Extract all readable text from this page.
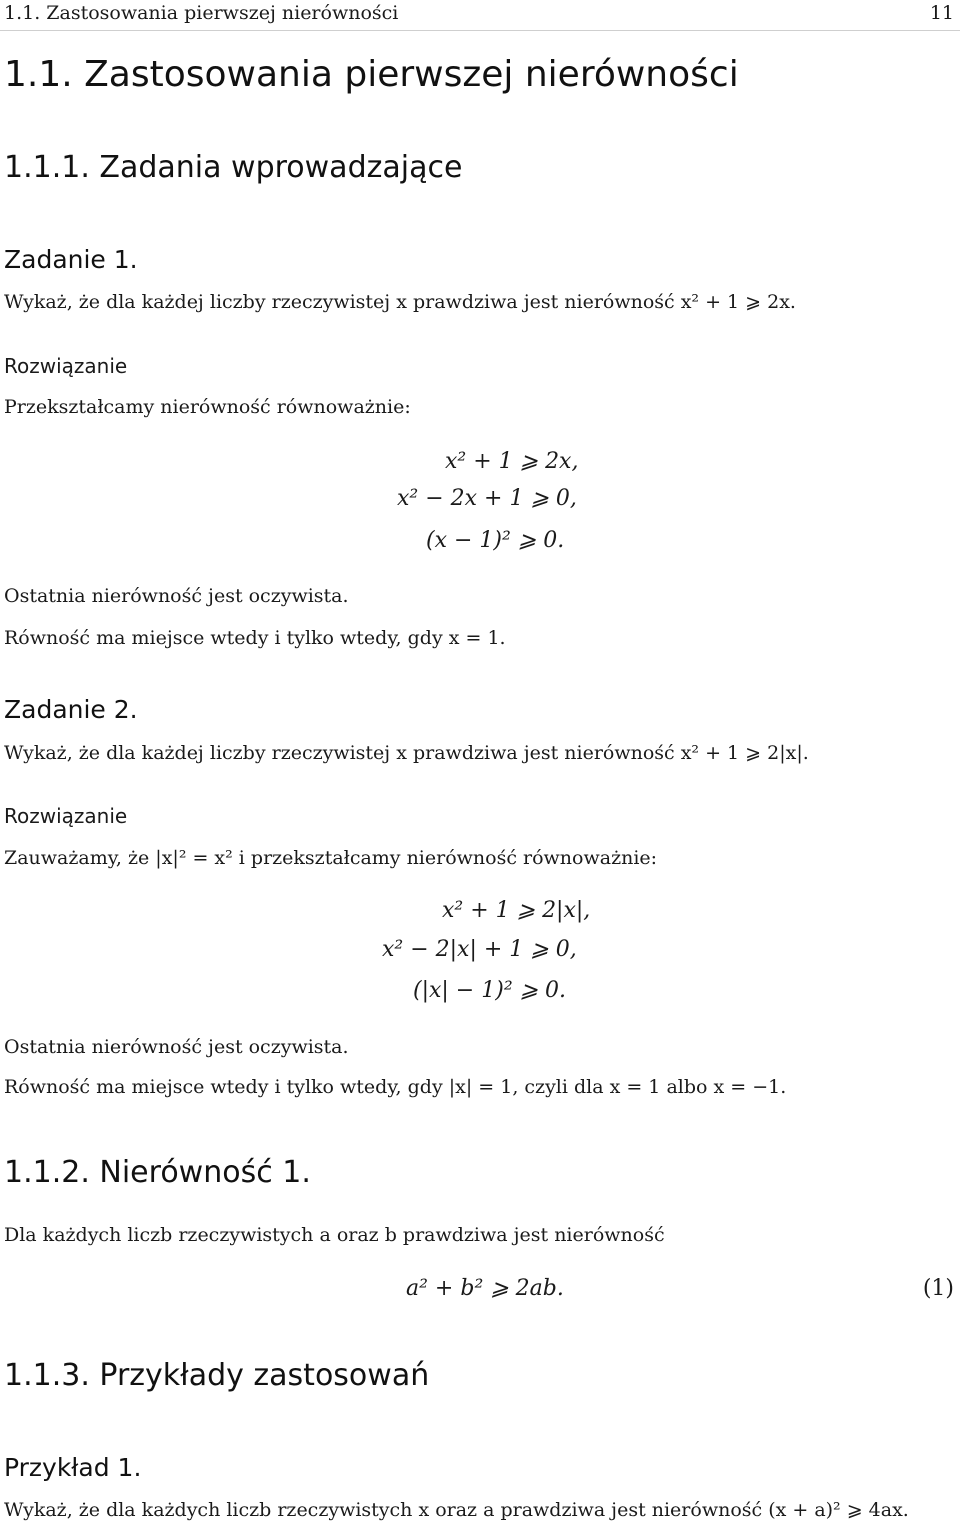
1.1. Zastosowania pierwszej nierówności	11
1.1. Zastosowania pierwszej nierówności
1.1.1. Zadania wprowadzające
Zadanie 1.
Wykaż, że dla każdej liczby rzeczywistej x prawdziwa jest nierówność x² + 1 ⩾ 2x.
Rozwiązanie
Przekształcamy nierówność równoważnie:
x² + 1 ⩾ 2x,
x² − 2x + 1 ⩾ 0,
(x − 1)² ⩾ 0.
Ostatnia nierówność jest oczywista.
Równość ma miejsce wtedy i tylko wtedy, gdy x = 1.
Zadanie 2.
Wykaż, że dla każdej liczby rzeczywistej x prawdziwa jest nierówność x² + 1 ⩾ 2|x|.
Rozwiązanie
Zauważamy, że |x|² = x² i przekształcamy nierówność równoważnie:
x² + 1 ⩾ 2|x|,
x² − 2|x| + 1 ⩾ 0,
(|x| − 1)² ⩾ 0.
Ostatnia nierówność jest oczywista.
Równość ma miejsce wtedy i tylko wtedy, gdy |x| = 1, czyli dla x = 1 albo x = −1.
1.1.2. Nierówność 1.
Dla każdych liczb rzeczywistych a oraz b prawdziwa jest nierówność
a² + b² ⩾ 2ab.	(1)
1.1.3. Przykłady zastosowań
Przykład 1.
Wykaż, że dla każdych liczb rzeczywistych x oraz a prawdziwa jest nierówność (x + a)² ⩾ 4ax.
